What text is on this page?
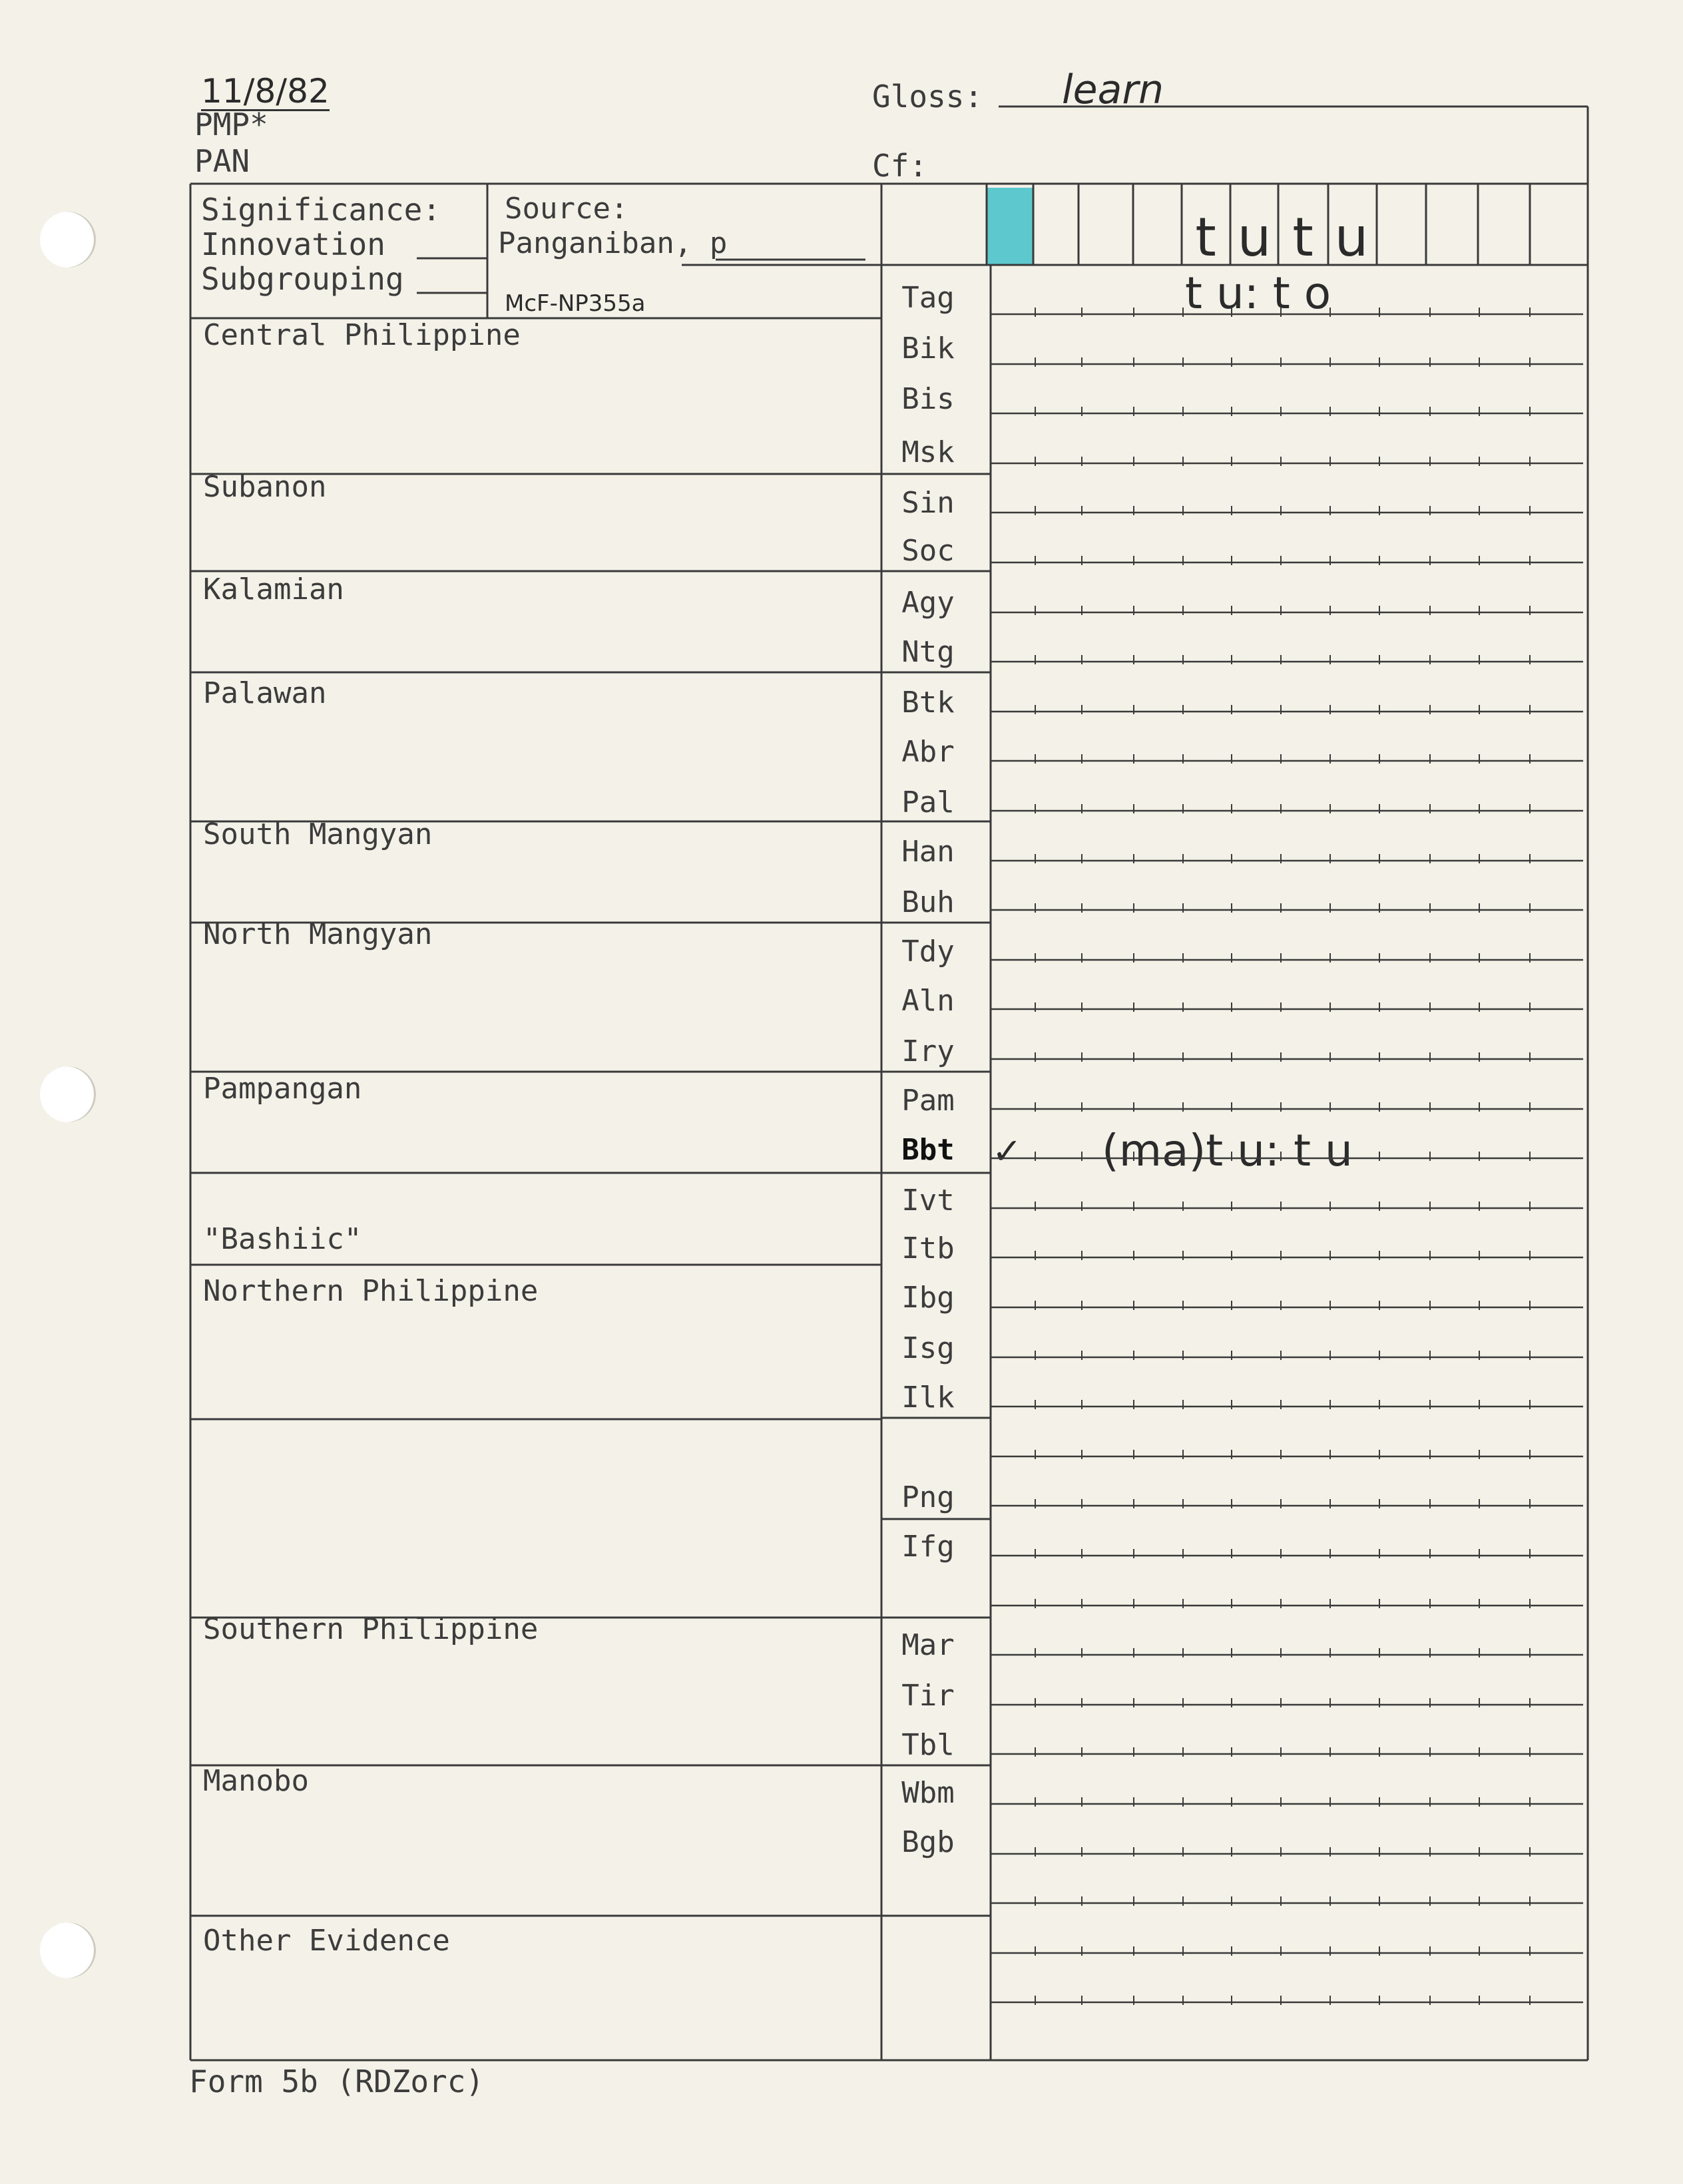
11/8/82
PMP*
PAN
Gloss: learn
Cf:
Significance:
Innovation
Subgrouping
Source:
Panganiban, p
McF-NP355a
t u t u
Central Philippine
Subanon
Kalamian
Palawan
South Mangyan
North Mangyan
Pampangan
"Bashiic"
Northern Philippine
Southern Philippine
Manobo
Other Evidence
Tag
Bik
Bis
Msk
Sin
Soc
Agy
Ntg
Btk
Abr
Pal
Han
Buh
Tdy
Aln
Iry
Pam
Bbt
Ivt
Itb
Ibg
Isg
Ilk
Png
Ifg
Mar
Tir
Tbl
Wbm
Bgb
t u: t o
✓ (ma)t u: t u
Form 5b (RDZorc)
